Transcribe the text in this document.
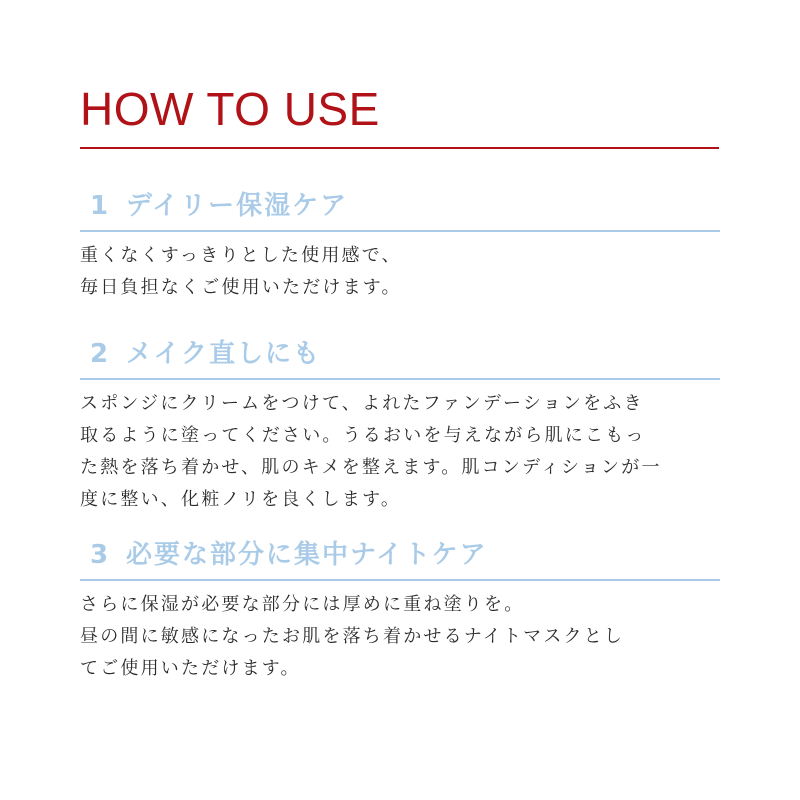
HOW TO USE
1 デイリー保湿ケア
重くなくすっきりとした使用感で、
毎日負担なくご使用いただけます。
2 メイク直しにも
スポンジにクリームをつけて、よれたファンデーションをふき
取るように塗ってください。うるおいを与えながら肌にこもっ
た熱を落ち着かせ、肌のキメを整えます。肌コンディションが一
度に整い、化粧ノリを良くします。
3 必要な部分に集中ナイトケア
さらに保湿が必要な部分には厚めに重ね塗りを。
昼の間に敏感になったお肌を落ち着かせるナイトマスクとし
てご使用いただけます。
